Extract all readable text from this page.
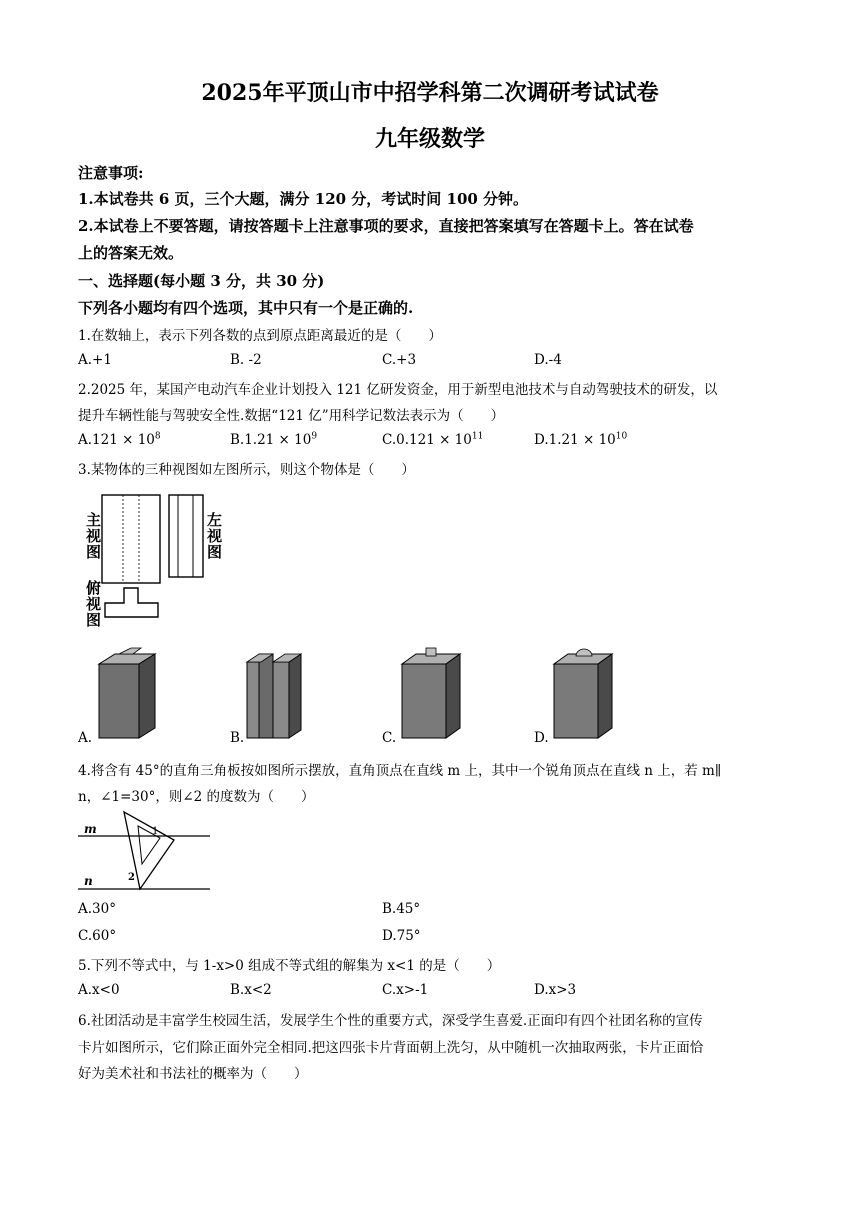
2025年平顶山市中招学科第二次调研考试试卷
九年级数学
注意事项:
1.本试卷共 6 页，三个大题，满分 120 分，考试时间 100 分钟。
2.本试卷上不要答题，请按答题卡上注意事项的要求，直接把答案填写在答题卡上。答在试卷
上的答案无效。
一、选择题(每小题 3 分，共 30 分)
下列各小题均有四个选项，其中只有一个是正确的.
1.在数轴上，表示下列各数的点到原点距离最近的是（　　）
A.+1	B. -2	C.+3	D.-4
2.2025 年，某国产电动汽车企业计划投入 121 亿研发资金，用于新型电池技术与自动驾驶技术的研发，以
提升车辆性能与驾驶安全性.数据“121 亿”用科学记数法表示为（　　）
$A.121 \times 10^8$	$B.1.21 \times 10^9$	$C.0.121 \times 10^{11}$	$D.1.21 \times 10^{10}$
3.某物体的三种视图如左图所示，则这个物体是（　　）
主视图
左视图
俯视图
A.	B.	C.	D.
4.将含有 45°的直角三角板按如图所示摆放，直角顶点在直线 m 上，其中一个锐角顶点在直线 n 上，若 m∥
n，∠1=30°，则∠2 的度数为（　　）
m
n
1
2
A.30°	B.45°
C.60°	D.75°
5.下列不等式中，与 1-x>0 组成不等式组的解集为 x<1 的是（　　）
A.x<0	B.x<2	C.x>-1	D.x>3
6.社团活动是丰富学生校园生活，发展学生个性的重要方式，深受学生喜爱.正面印有四个社团名称的宣传
卡片如图所示，它们除正面外完全相同.把这四张卡片背面朝上洗匀，从中随机一次抽取两张，卡片正面恰
好为美术社和书法社的概率为（　　）
